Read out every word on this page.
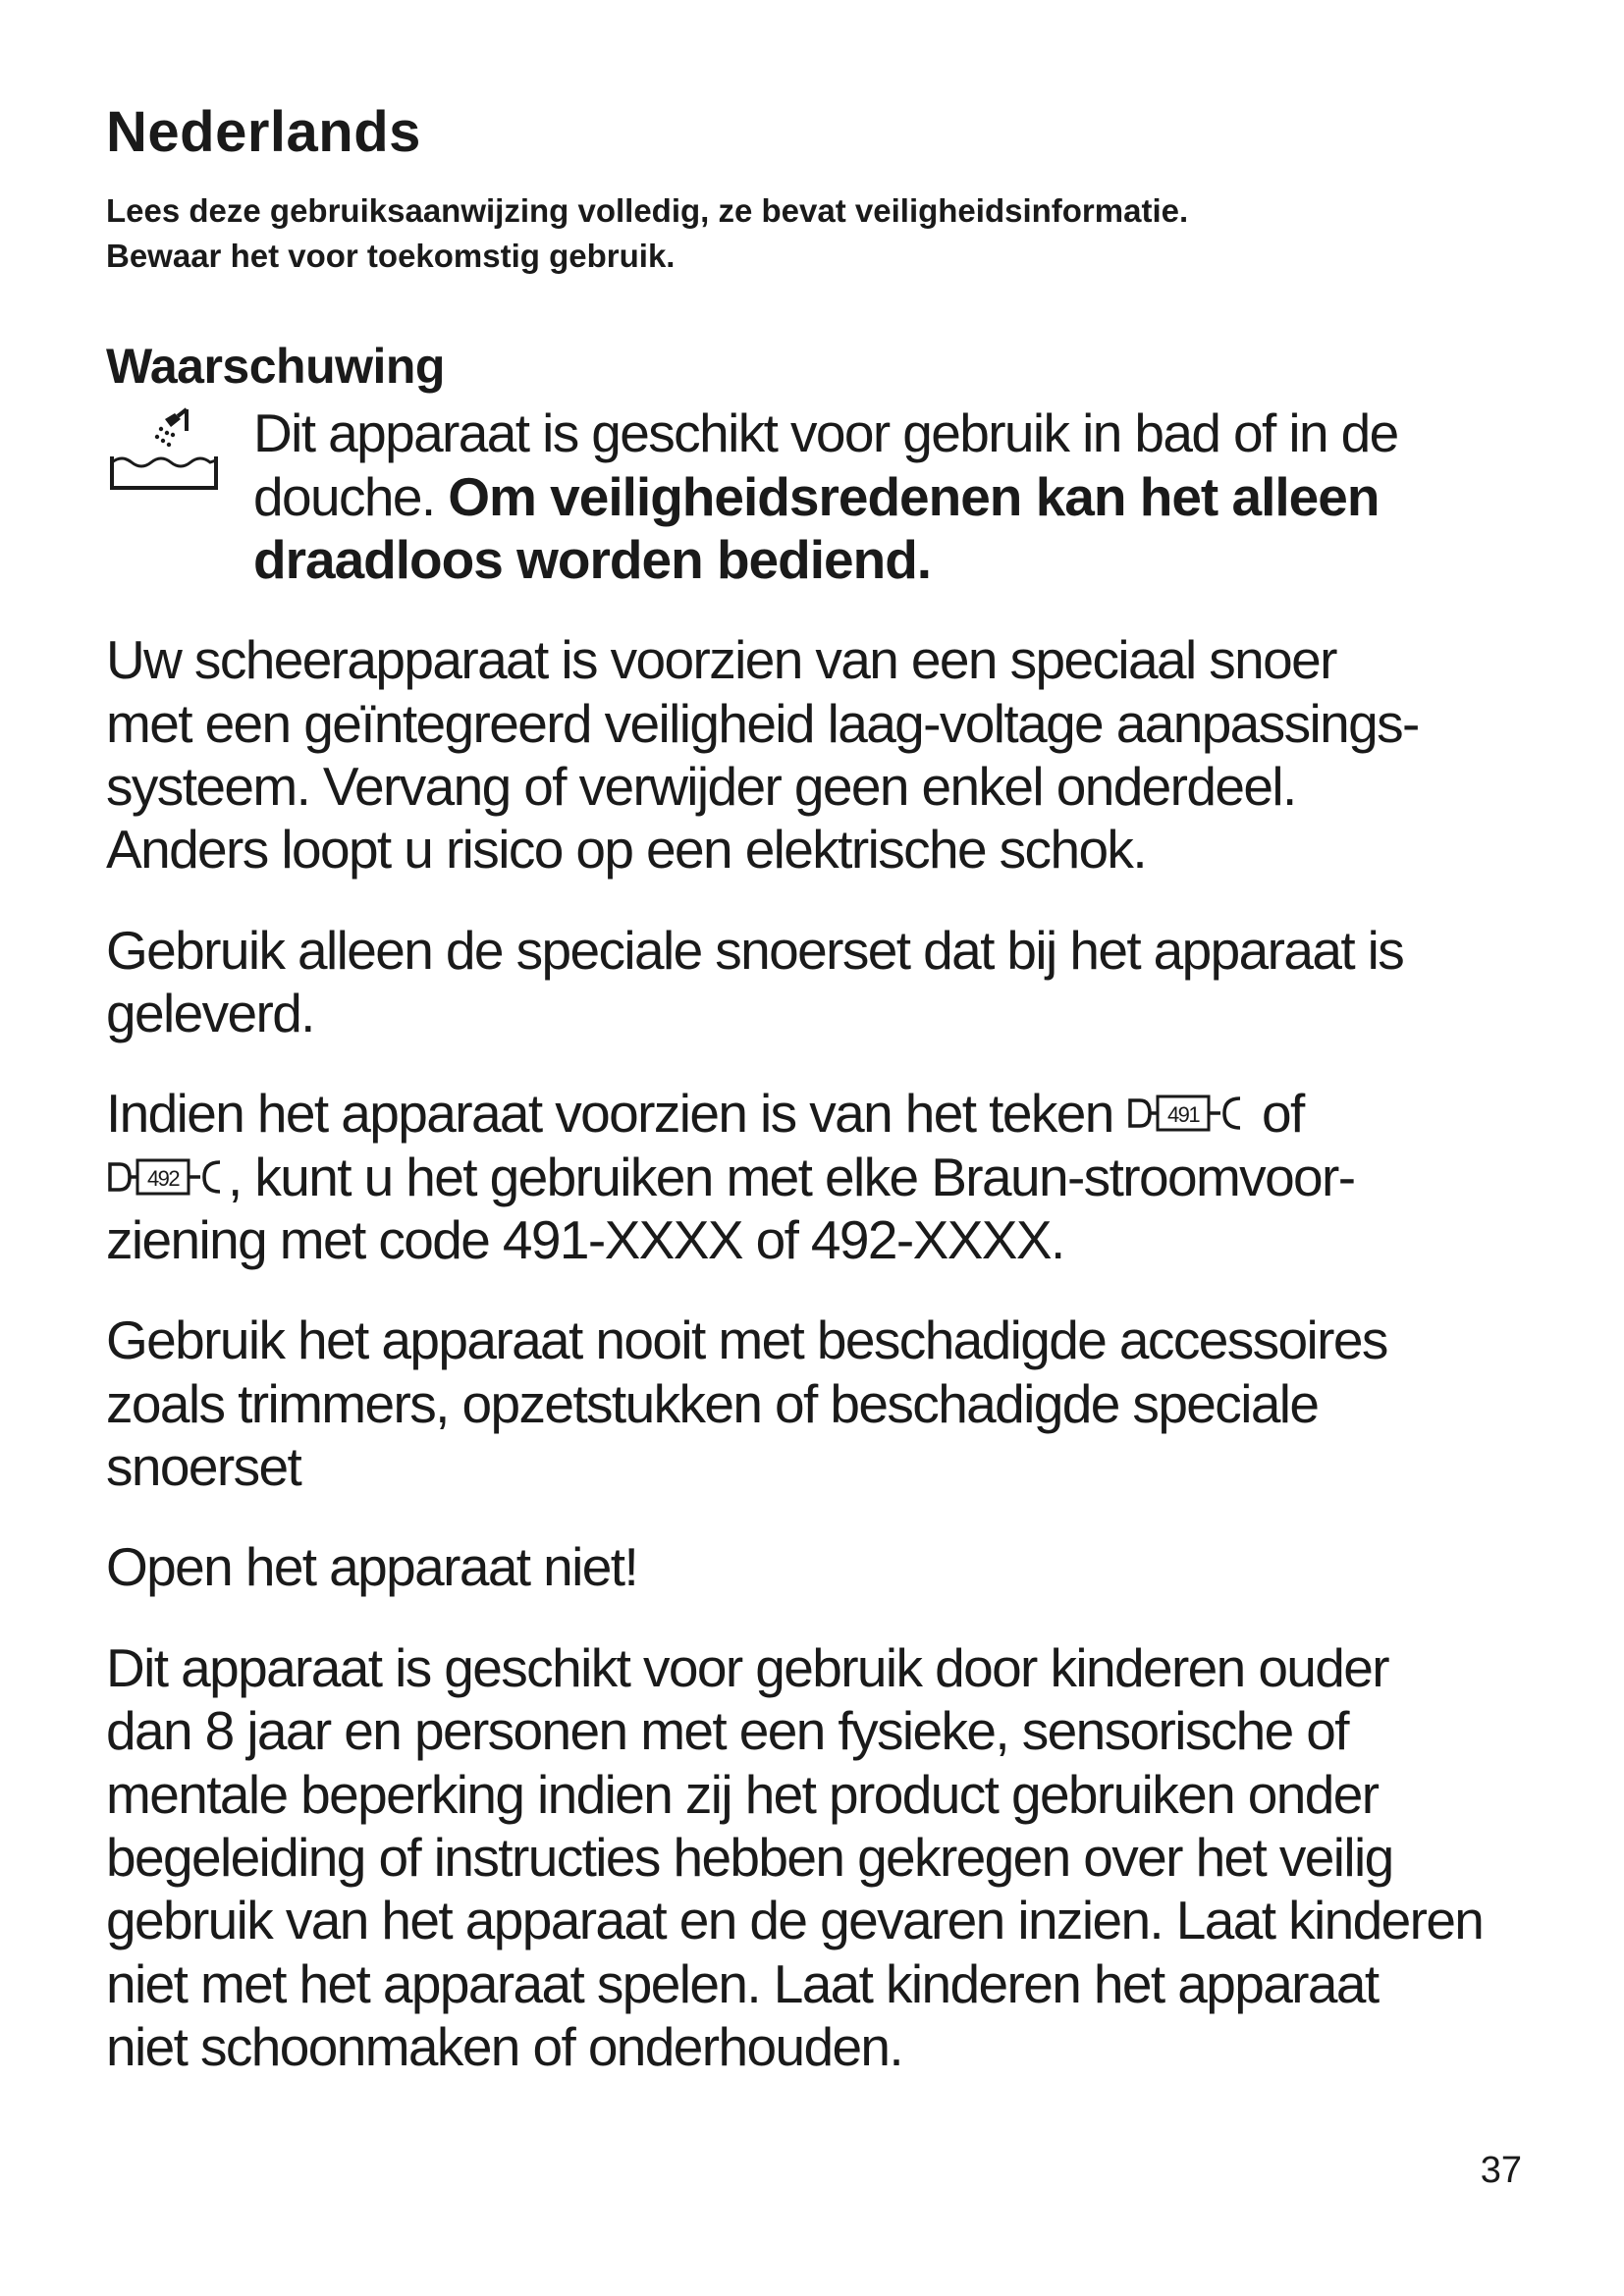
Nederlands

Lees deze gebruiksaanwijzing volledig, ze bevat veiligheidsinformatie.
Bewaar het voor toekomstig gebruik.

Waarschuwing
Dit apparaat is geschikt voor gebruik in bad of in de
douche. Om veiligheidsredenen kan het alleen
draadloos worden bediend.

Uw scheerapparaat is voorzien van een speciaal snoer
met een geïntegreerd veiligheid laag-voltage aanpassings-
systeem. Vervang of verwijder geen enkel onderdeel.
Anders loopt u risico op een elektrische schok.

Gebruik alleen de speciale snoerset dat bij het apparaat is
geleverd.

Indien het apparaat voorzien is van het teken 491 of
492 , kunt u het gebruiken met elke Braun-stroomvoor-
ziening met code 491-XXXX of 492-XXXX.

Gebruik het apparaat nooit met beschadigde accessoires
zoals trimmers, opzetstukken of beschadigde speciale
snoerset

Open het apparaat niet!

Dit apparaat is geschikt voor gebruik door kinderen ouder
dan 8 jaar en personen met een fysieke, sensorische of
mentale beperking indien zij het product gebruiken onder
begeleiding of instructies hebben gekregen over het veilig
gebruik van het apparaat en de gevaren inzien. Laat kinderen
niet met het apparaat spelen. Laat kinderen het apparaat
niet schoonmaken of onderhouden.

37
